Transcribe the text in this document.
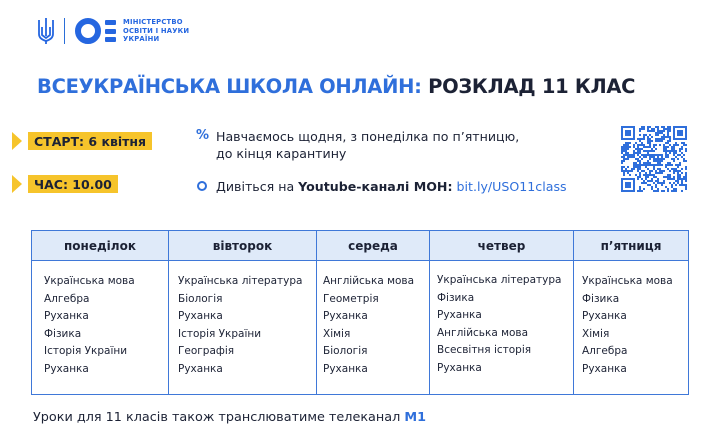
МІНІСТЕРСТВО
ОСВІТИ І НАУКИ
УКРАЇНИ
ВСЕУКРАЇНСЬКА ШКОЛА ОНЛАЙН: РОЗКЛАД 11 КЛАС
СТАРТ: 6 квітня
ЧАС: 10.00
% Навчаємось щодня, з понеділка по п’ятницю,
до кінця карантину
Дивіться на Youtube-каналі МОН: bit.ly/USO11class
понеділок
Українська мова
Алгебра
Руханка
Фізика
Історія України
Руханка
вівторок
Українська література
Біологія
Руханка
Історія України
Географія
Руханка
середа
Англійська мова
Геометрія
Руханка
Хімія
Біологія
Руханка
четвер
Українська література
Фізика
Руханка
Англійська мова
Всесвітня історія
Руханка
п’ятниця
Українська мова
Фізика
Руханка
Хімія
Алгебра
Руханка
Уроки для 11 класів також транслюватиме телеканал М1
